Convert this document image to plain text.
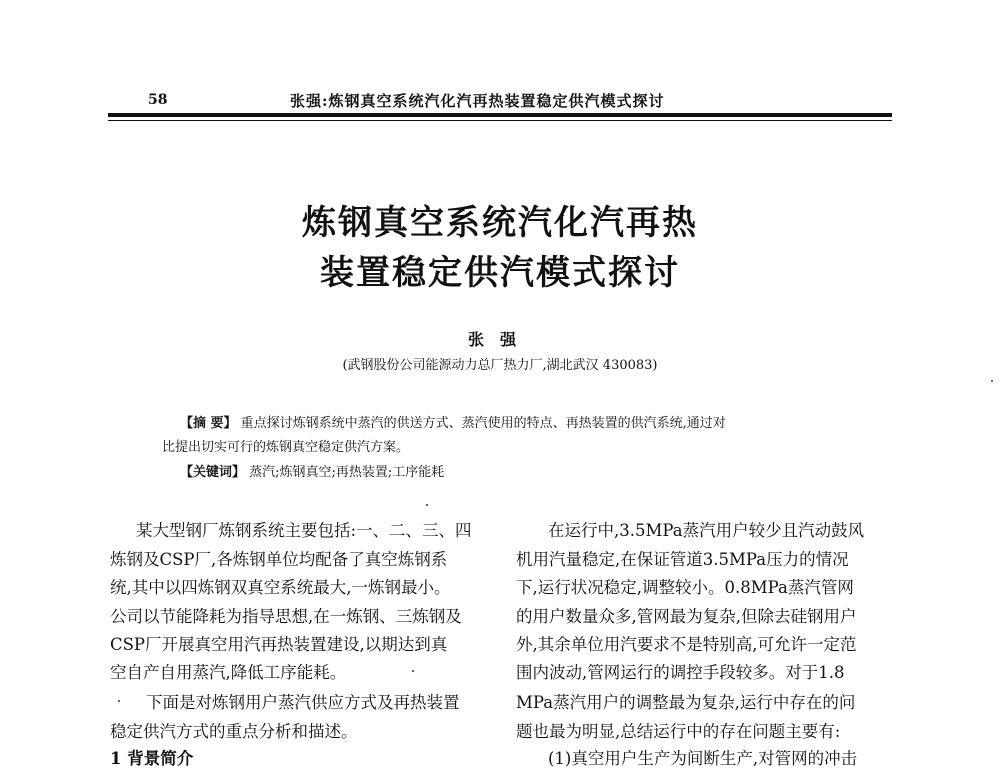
58	张强:炼钢真空系统汽化汽再热装置稳定供汽模式探讨
炼钢真空系统汽化汽再热
装置稳定供汽模式探讨
张强
(武钢股份公司能源动力总厂热力厂,湖北武汉 430083)
【摘 要】 重点探讨炼钢系统中蒸汽的供送方式、蒸汽使用的特点、再热装置的供汽系统,通过对
比提出切实可行的炼钢真空稳定供汽方案。
【关键词】 蒸汽;炼钢真空;再热装置;工序能耗
某大型钢厂炼钢系统主要包括:一、二、三、四
炼钢及CSP厂,各炼钢单位均配备了真空炼钢系
统,其中以四炼钢双真空系统最大,一炼钢最小。
公司以节能降耗为指导思想,在一炼钢、三炼钢及
CSP厂开展真空用汽再热装置建设,以期达到真
空自产自用蒸汽,降低工序能耗。
下面是对炼钢用户蒸汽供应方式及再热装置
稳定供汽方式的重点分析和描述。
1 背景简介
在运行中,3.5MPa蒸汽用户较少且汽动鼓风
机用汽量稳定,在保证管道3.5MPa压力的情况
下,运行状况稳定,调整较小。0.8MPa蒸汽管网
的用户数量众多,管网最为复杂,但除去硅钢用户
外,其余单位用汽要求不是特别高,可允许一定范
围内波动,管网运行的调控手段较多。对于1.8
MPa蒸汽用户的调整最为复杂,运行中存在的问
题也最为明显,总结运行中的存在问题主要有:
(1)真空用户生产为间断生产,对管网的冲击
